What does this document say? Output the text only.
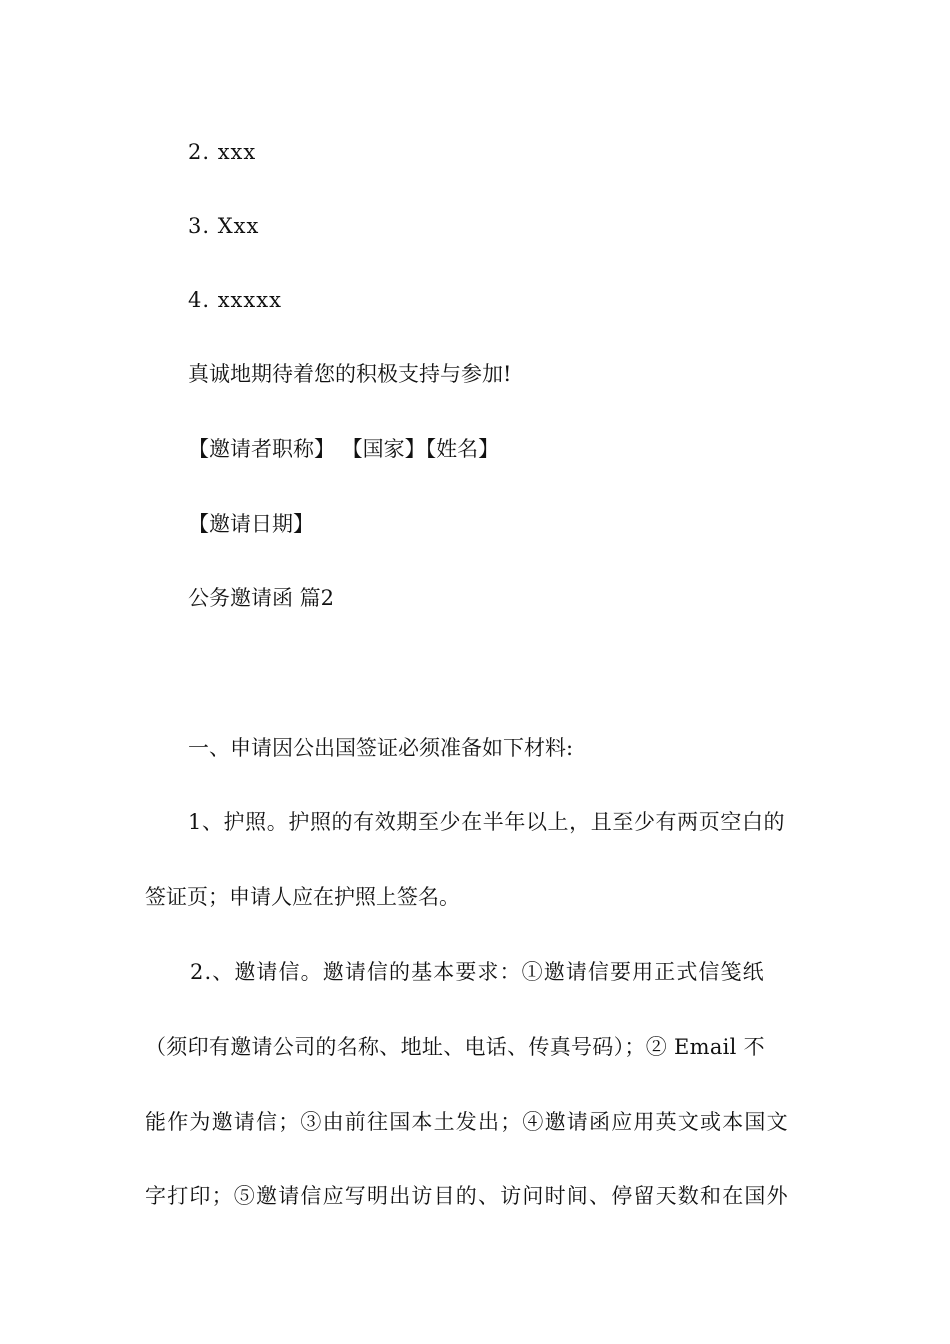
2. xxx
3. Xxx
4. xxxxx
真诚地期待着您的积极支持与参加!
【邀请者职称】 【国家】【姓名】
【邀请日期】
公务邀请函 篇2
一、申请因公出国签证必须准备如下材料:
1、护照。护照的有效期至少在半年以上，且至少有两页空白的
签证页；申请人应在护照上签名。
2.、邀请信。邀请信的基本要求：①邀请信要用正式信笺纸
（须印有邀请公司的名称、地址、电话、传真号码）；② Email 不
能作为邀请信；③由前往国本土发出；④邀请函应用英文或本国文
字打印；⑤邀请信应写明出访目的、访问时间、停留天数和在国外
